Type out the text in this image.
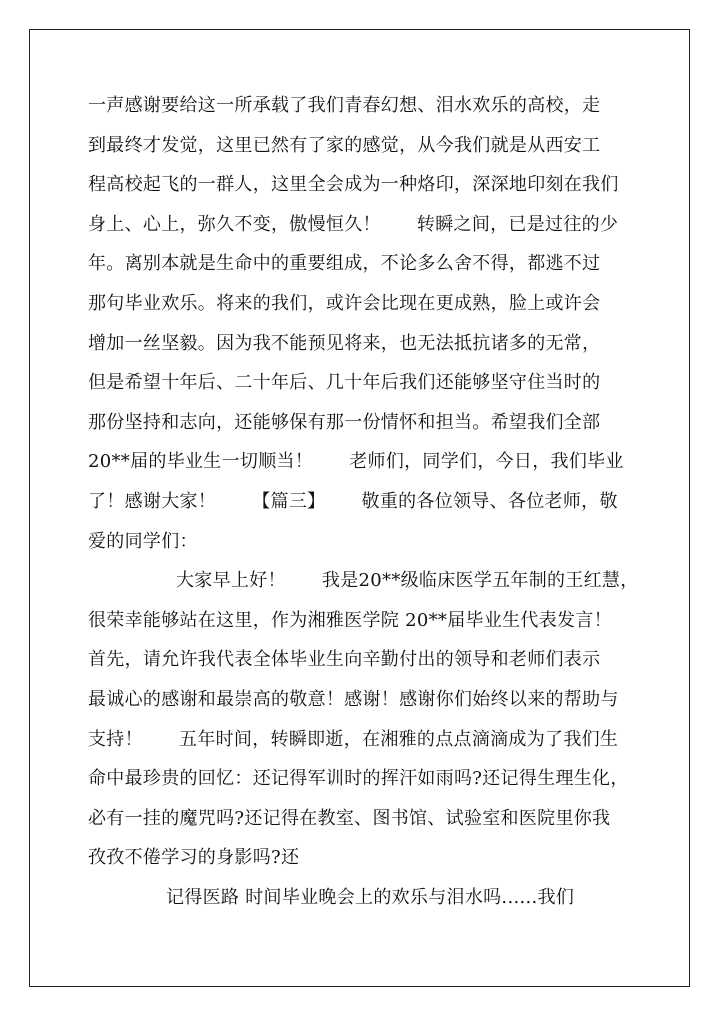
一声感谢要给这一所承载了我们青春幻想、泪水欢乐的高校，走
到最终才发觉，这里已然有了家的感觉，从今我们就是从西安工
程高校起飞的一群人，这里全会成为一种烙印，深深地印刻在我们
身上、心上，弥久不变，傲慢恒久！      转瞬之间，已是过往的少
年。离别本就是生命中的重要组成，不论多么舍不得，都逃不过
那句毕业欢乐。将来的我们，或许会比现在更成熟，脸上或许会
增加一丝坚毅。因为我不能预见将来，也无法抵抗诸多的无常，
但是希望十年后、二十年后、几十年后我们还能够坚守住当时的
那份坚持和志向，还能够保有那一份情怀和担当。希望我们全部
20**届的毕业生一切顺当！      老师们，同学们，今日，我们毕业
了！感谢大家！      【篇三】      敬重的各位领导、各位老师，敬
爱的同学们：
大家早上好！      我是20**级临床医学五年制的王红慧，
很荣幸能够站在这里，作为湘雅医学院 20**届毕业生代表发言！
首先，请允许我代表全体毕业生向辛勤付出的领导和老师们表示
最诚心的感谢和最崇高的敬意！感谢！感谢你们始终以来的帮助与
支持！      五年时间，转瞬即逝，在湘雅的点点滴滴成为了我们生
命中最珍贵的回忆：还记得军训时的挥汗如雨吗?还记得生理生化，
必有一挂的魔咒吗?还记得在教室、图书馆、试验室和医院里你我
孜孜不倦学习的身影吗?还
记得医路 时间毕业晚会上的欢乐与泪水吗......我们
